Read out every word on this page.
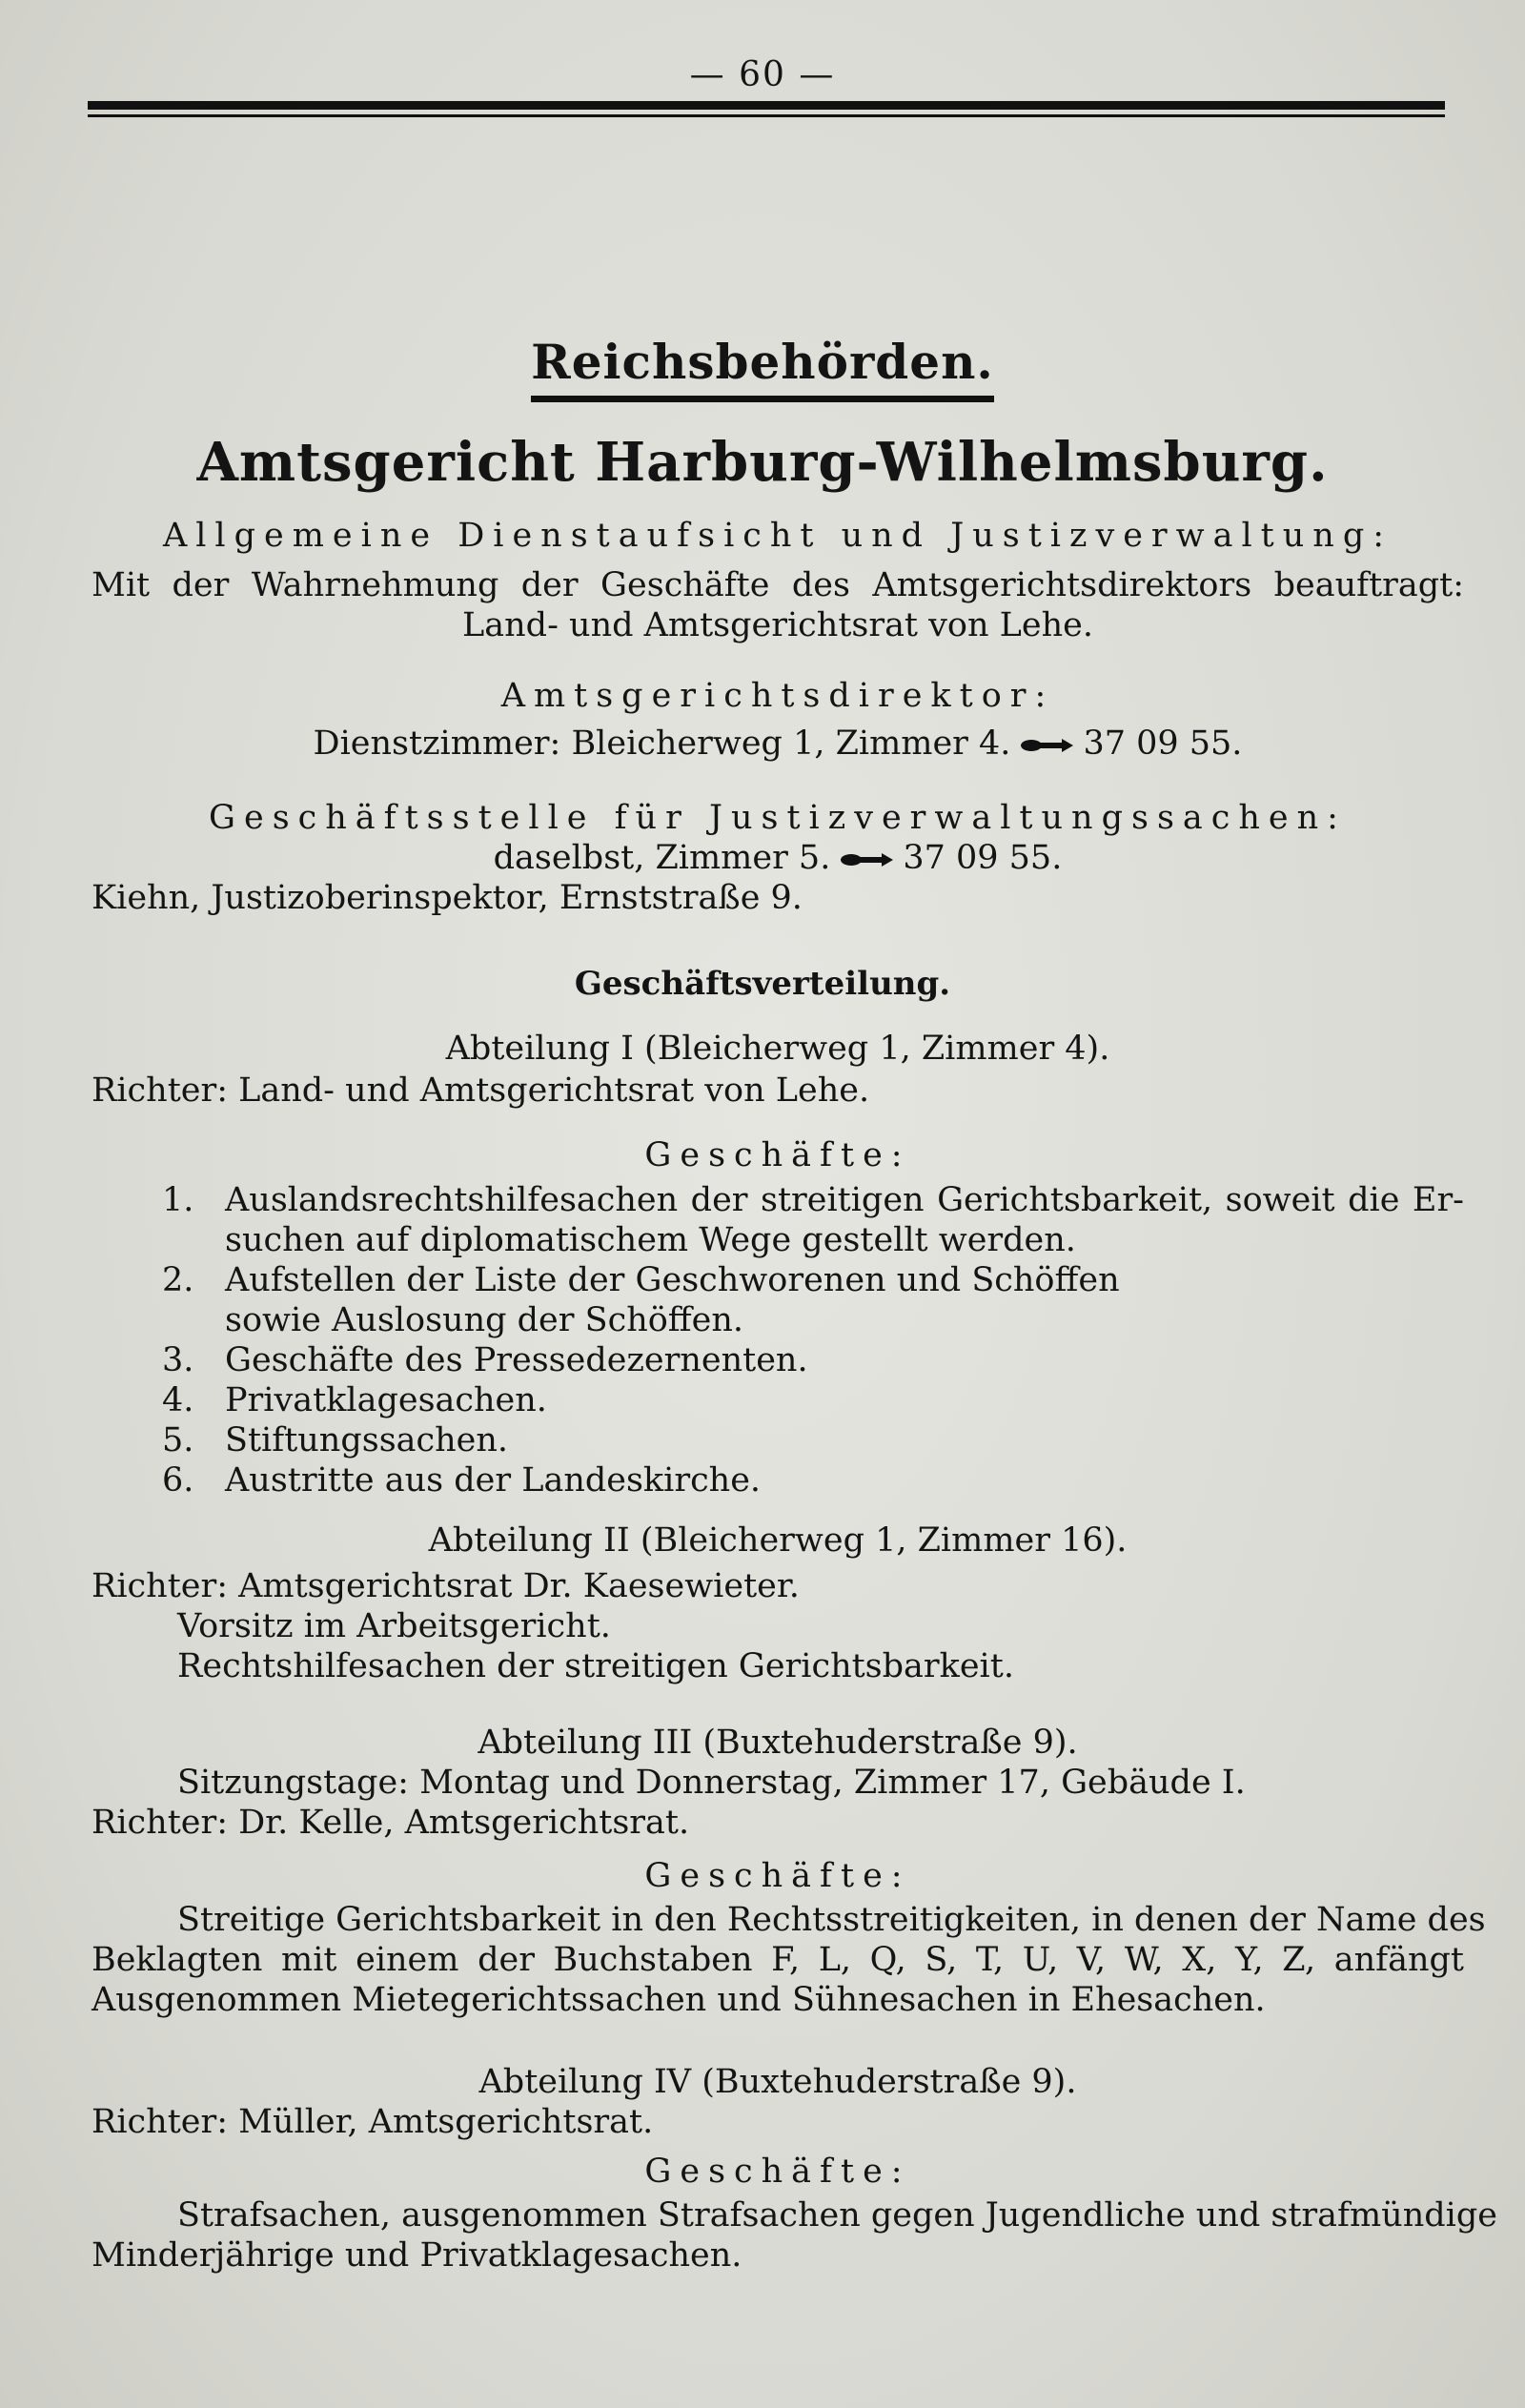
— 60 —
Reichsbehörden.
Amtsgericht Harburg-Wilhelmsburg.
Allgemeine Dienstaufsicht und Justizverwaltung:
Mit der Wahrnehmung der Geschäfte des Amtsgerichtsdirektors beauftragt:
Land- und Amtsgerichtsrat von Lehe.
Amtsgerichtsdirektor:
Dienstzimmer: Bleicherweg 1, Zimmer 4. 37 09 55.
Geschäftsstelle für Justizverwaltungssachen:
daselbst, Zimmer 5. 37 09 55.
Kiehn, Justizoberinspektor, Ernststraße 9.
Geschäftsverteilung.
Abteilung I (Bleicherweg 1, Zimmer 4).
Richter: Land- und Amtsgerichtsrat von Lehe.
Geschäfte:
1. Auslandsrechtshilfesachen der streitigen Gerichtsbarkeit, soweit die Er-
suchen auf diplomatischem Wege gestellt werden.
2. Aufstellen der Liste der Geschworenen und Schöffen
sowie Auslosung der Schöffen.
3. Geschäfte des Pressedezernenten.
4. Privatklagesachen.
5. Stiftungssachen.
6. Austritte aus der Landeskirche.
Abteilung II (Bleicherweg 1, Zimmer 16).
Richter: Amtsgerichtsrat Dr. Kaesewieter.
Vorsitz im Arbeitsgericht.
Rechtshilfesachen der streitigen Gerichtsbarkeit.
Abteilung III (Buxtehuderstraße 9).
Sitzungstage: Montag und Donnerstag, Zimmer 17, Gebäude I.
Richter: Dr. Kelle, Amtsgerichtsrat.
Geschäfte:
Streitige Gerichtsbarkeit in den Rechtsstreitigkeiten, in denen der Name des
Beklagten mit einem der Buchstaben F, L, Q, S, T, U, V, W, X, Y, Z, anfängt
Ausgenommen Mietegerichtssachen und Sühnesachen in Ehesachen.
Abteilung IV (Buxtehuderstraße 9).
Richter: Müller, Amtsgerichtsrat.
Geschäfte:
Strafsachen, ausgenommen Strafsachen gegen Jugendliche und strafmündige
Minderjährige und Privatklagesachen.
